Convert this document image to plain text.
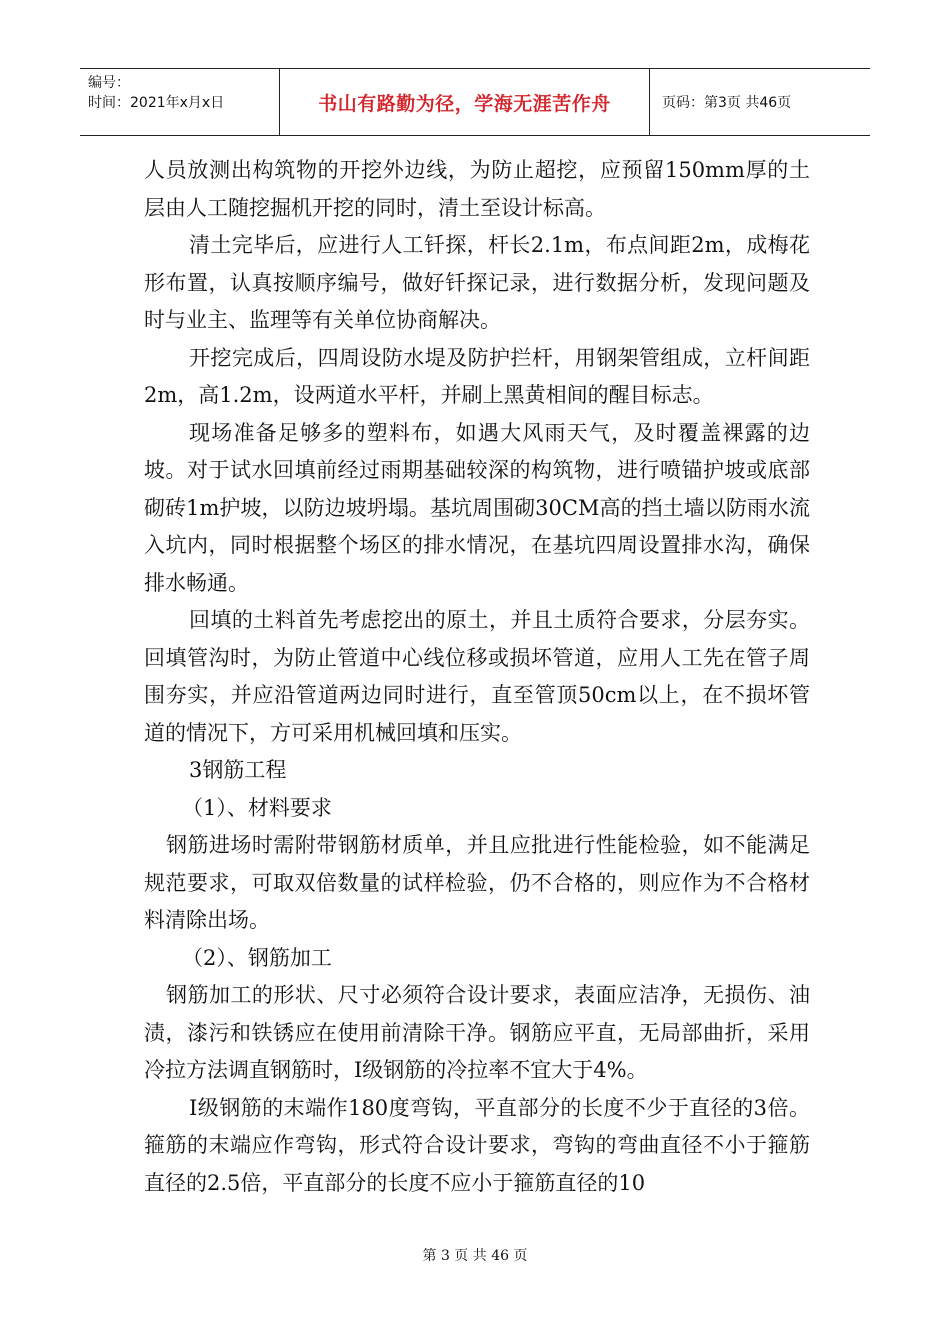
编号：
时间：2021年x月x日	书山有路勤为径，学海无涯苦作舟	页码：第3页 共46页

人员放测出构筑物的开挖外边线，为防止超挖，应预留150mm厚的土层由人工随挖掘机开挖的同时，清土至设计标高。

清土完毕后，应进行人工钎探，杆长2.1m，布点间距2m，成梅花形布置，认真按顺序编号，做好钎探记录，进行数据分析，发现问题及时与业主、监理等有关单位协商解决。

开挖完成后，四周设防水堤及防护拦杆，用钢架管组成，立杆间距2m，高1.2m，设两道水平杆，并刷上黑黄相间的醒目标志。

现场准备足够多的塑料布，如遇大风雨天气，及时覆盖裸露的边坡。对于试水回填前经过雨期基础较深的构筑物，进行喷锚护坡或底部砌砖1m护坡，以防边坡坍塌。基坑周围砌30CM高的挡土墙以防雨水流入坑内，同时根据整个场区的排水情况，在基坑四周设置排水沟，确保排水畅通。

回填的土料首先考虑挖出的原土，并且土质符合要求，分层夯实。回填管沟时，为防止管道中心线位移或损坏管道，应用人工先在管子周围夯实，并应沿管道两边同时进行，直至管顶50cm以上，在不损坏管道的情况下，方可采用机械回填和压实。

3钢筋工程

（1）、材料要求

钢筋进场时需附带钢筋材质单，并且应批进行性能检验，如不能满足规范要求，可取双倍数量的试样检验，仍不合格的，则应作为不合格材料清除出场。

（2）、钢筋加工

钢筋加工的形状、尺寸必须符合设计要求，表面应洁净，无损伤、油渍，漆污和铁锈应在使用前清除干净。钢筋应平直，无局部曲折，采用冷拉方法调直钢筋时，Ⅰ级钢筋的冷拉率不宜大于4%。

Ⅰ级钢筋的末端作180度弯钩，平直部分的长度不少于直径的3倍。箍筋的末端应作弯钩，形式符合设计要求，弯钩的弯曲直径不小于箍筋直径的2.5倍，平直部分的长度不应小于箍筋直径的10

第 3 页 共 46 页
